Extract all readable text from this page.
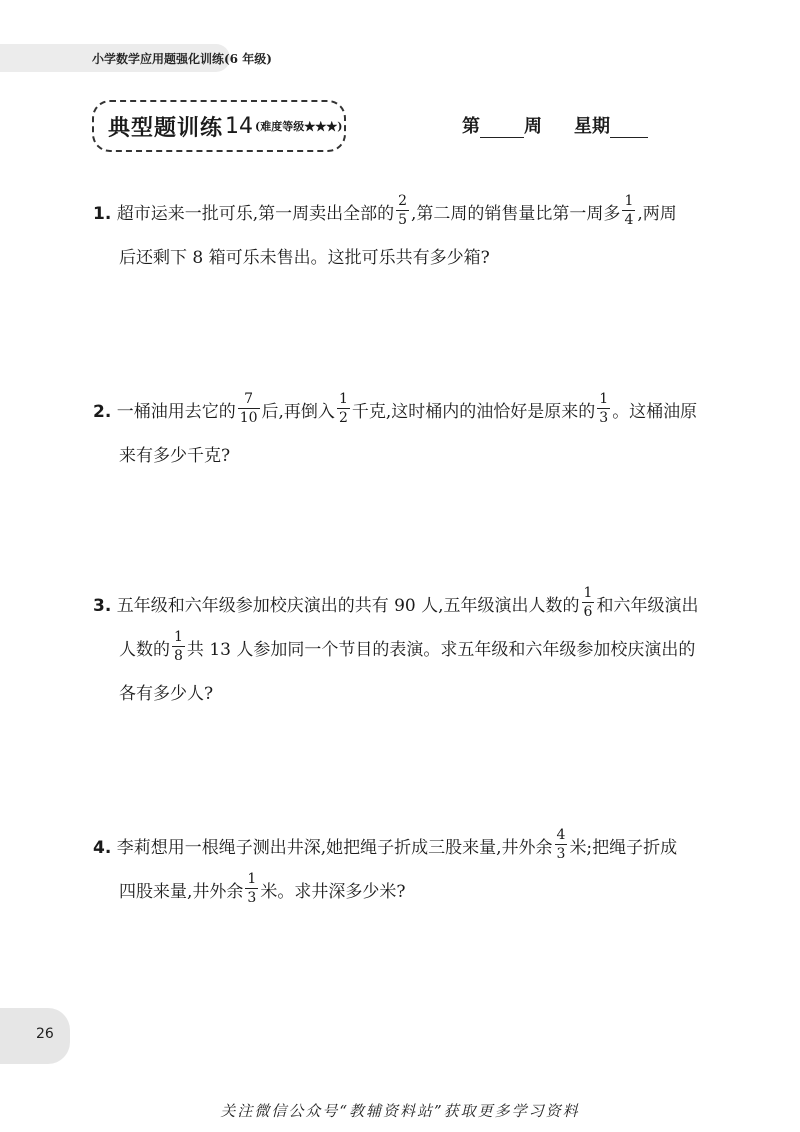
小学数学应用题强化训练(6 年级)
典型题训练 14 (难度等级★★★)	第 周 星期
1. 超市运来一批可乐,第一周卖出全部的 $\frac{2}{5}$ ,第二周的销售量比第一周多 $\frac{1}{4}$ ,两周
后还剩下 8 箱可乐未售出。这批可乐共有多少箱?
2. 一桶油用去它的 $\frac{7}{10}$ 后,再倒入 $\frac{1}{2}$ 千克,这时桶内的油恰好是原来的 $\frac{1}{3}$ 。这桶油原
来有多少千克?
3. 五年级和六年级参加校庆演出的共有 90 人,五年级演出人数的 $\frac{1}{6}$ 和六年级演出
人数的 $\frac{1}{8}$ 共 13 人参加同一个节目的表演。求五年级和六年级参加校庆演出的
各有多少人?
4. 李莉想用一根绳子测出井深,她把绳子折成三股来量,井外余 $\frac{4}{3}$ 米;把绳子折成
四股来量,井外余 $\frac{1}{3}$ 米。求井深多少米?
26
关注微信公众号“教辅资料站”获取更多学习资料
